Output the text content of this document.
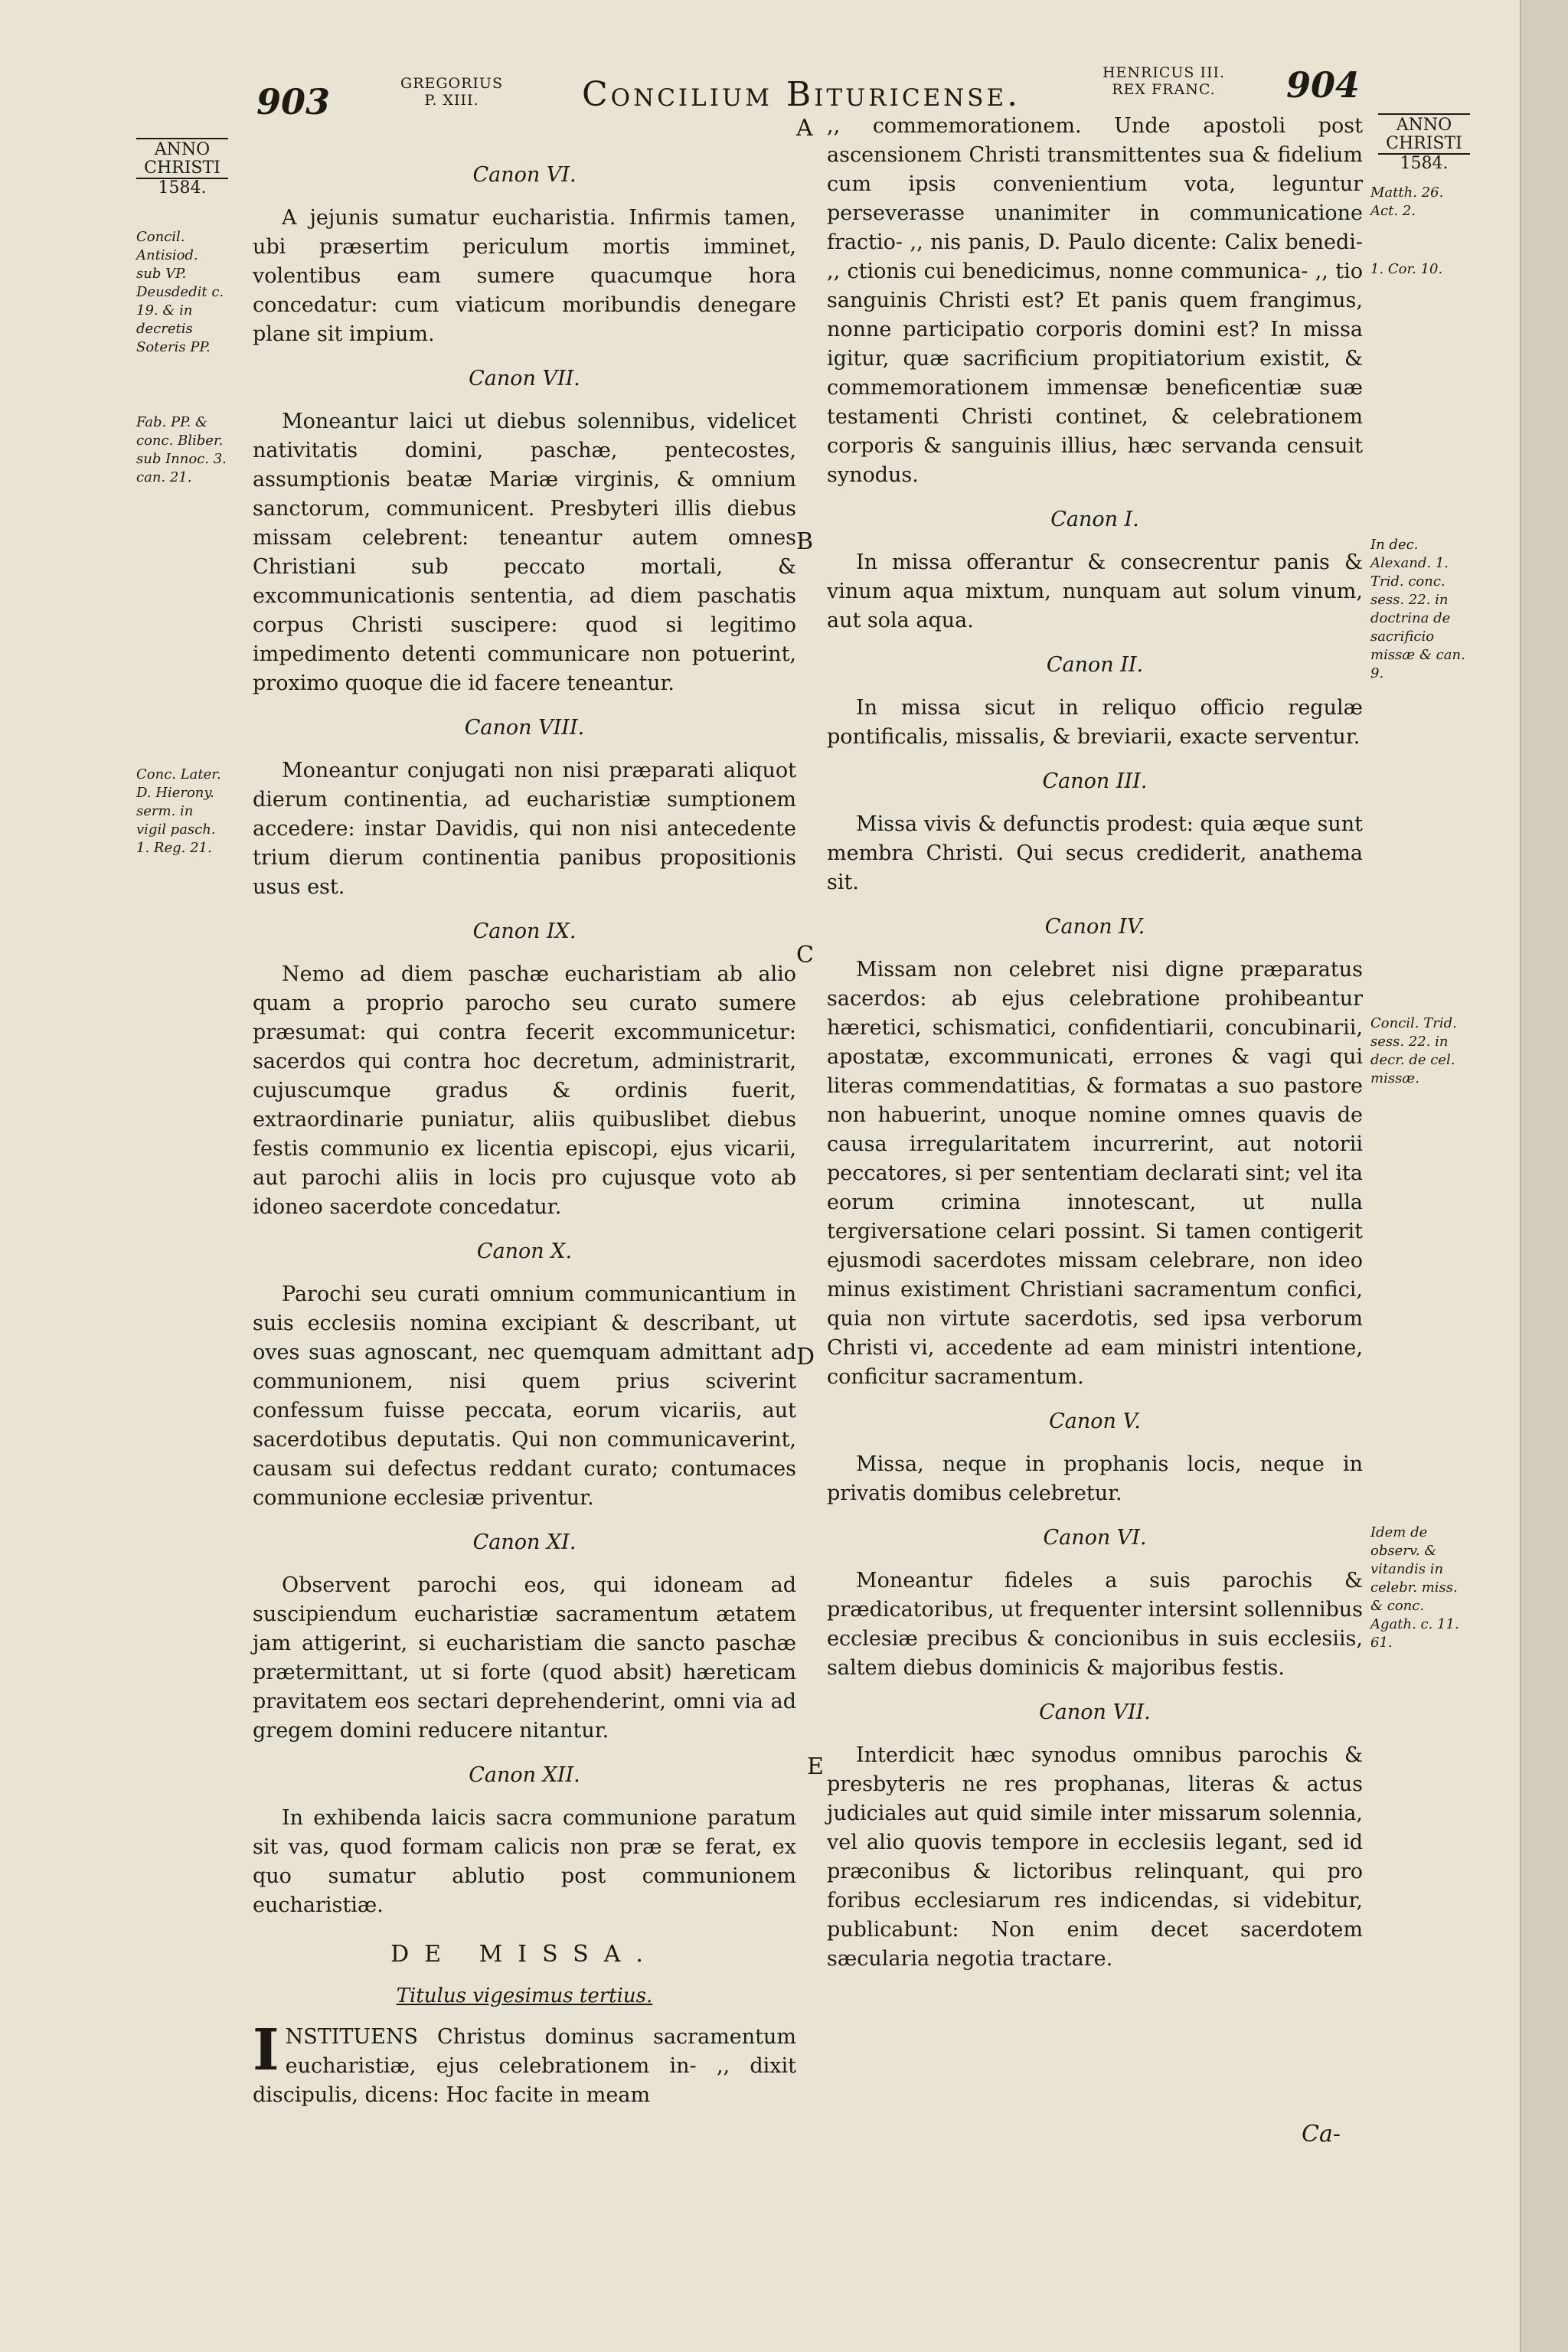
903	GREGORIUS
P. XIII.	Concilium Bituricense.
HENRICUS III.
REX FRANC.	904
ANNO
CHRISTI
1584.
ANNO
CHRISTI
1584.
A
B
C
D
E
Concil. Antisiod. sub VP. Deusdedit c. 19. & in decretis Soteris PP.
Fab. PP. & conc. Bliber. sub Innoc. 3. can. 21.
Conc. Later. D. Hierony. serm. in vigil pasch. 1. Reg. 21.
Matth. 26. Act. 2.
1. Cor. 10.
In dec. Alexand. 1. Trid. conc. sess. 22. in doctrina de sacrificio missæ & can. 9.
Concil. Trid. sess. 22. in decr. de cel. missæ.
Idem de observ. & vitandis in celebr. miss. & conc. Agath. c. 11. 61.
Canon VI.

A jejunis sumatur eucharistia. Infirmis tamen, ubi præsertim periculum mortis imminet, volentibus eam sumere quacumque hora concedatur: cum viaticum moribundis denegare plane sit impium.

Canon VII.

Moneantur laici ut diebus solennibus, videlicet nativitatis domini, paschæ, pentecostes, assumptionis beatæ Mariæ virginis, & omnium sanctorum, communicent. Presbyteri illis diebus missam celebrent: teneantur autem omnes Christiani sub peccato mortali, & excommunicationis sententia, ad diem paschatis corpus Christi suscipere: quod si legitimo impedimento detenti communicare non potuerint, proximo quoque die id facere teneantur.

Canon VIII.

Moneantur conjugati non nisi præparati aliquot dierum continentia, ad eucharistiæ sumptionem accedere: instar Davidis, qui non nisi antecedente trium dierum continentia panibus propositionis usus est.

Canon IX.

Nemo ad diem paschæ eucharistiam ab alio quam a proprio parocho seu curato sumere præsumat: qui contra fecerit excommunicetur: sacerdos qui contra hoc decretum, administrarit, cujuscumque gradus & ordinis fuerit, extraordinarie puniatur, aliis quibuslibet diebus festis communio ex licentia episcopi, ejus vicarii, aut parochi aliis in locis pro cujusque voto ab idoneo sacerdote concedatur.

Canon X.

Parochi seu curati omnium communicantium in suis ecclesiis nomina excipiant & describant, ut oves suas agnoscant, nec quemquam admittant ad communionem, nisi quem prius sciverint confessum fuisse peccata, eorum vicariis, aut sacerdotibus deputatis. Qui non communicaverint, causam sui defectus reddant curato; contumaces communione ecclesiæ priventur.

Canon XI.

Observent parochi eos, qui idoneam ad suscipiendum eucharistiæ sacramentum ætatem jam attigerint, si eucharistiam die sancto paschæ prætermittant, ut si forte (quod absit) hæreticam pravitatem eos sectari deprehenderint, omni via ad gregem domini reducere nitantur.

Canon XII.

In exhibenda laicis sacra communione paratum sit vas, quod formam calicis non præ se ferat, ex quo sumatur ablutio post communionem eucharistiæ.

DE MISSA.
Titulus vigesimus tertius.

INSTITUENS Christus dominus sacramentum eucharistiæ, ejus celebrationem in- ,, dixit discipulis, dicens: Hoc facite in meam

,, commemorationem. Unde apostoli post ascensionem Christi transmittentes sua & fidelium cum ipsis convenientium vota, leguntur perseverasse unanimiter in communicatione fractio- ,, nis panis, D. Paulo dicente: Calix benedi- ,, ctionis cui benedicimus, nonne communica- ,, tio sanguinis Christi est? Et panis quem frangimus, nonne participatio corporis domini est? In missa igitur, quæ sacrificium propitiatorium existit, & commemorationem immensæ beneficentiæ suæ testamenti Christi continet, & celebrationem corporis & sanguinis illius, hæc servanda censuit synodus.

Canon I.

In missa offerantur & consecrentur panis & vinum aqua mixtum, nunquam aut solum vinum, aut sola aqua.

Canon II.

In missa sicut in reliquo officio regulæ pontificalis, missalis, & breviarii, exacte serventur.

Canon III.

Missa vivis & defunctis prodest: quia æque sunt membra Christi. Qui secus crediderit, anathema sit.

Canon IV.

Missam non celebret nisi digne præparatus sacerdos: ab ejus celebratione prohibeantur hæretici, schismatici, confidentiarii, concubinarii, apostatæ, excommunicati, errones & vagi qui literas commendatitias, & formatas a suo pastore non habuerint, unoque nomine omnes quavis de causa irregularitatem incurrerint, aut notorii peccatores, si per sententiam declarati sint; vel ita eorum crimina innotescant, ut nulla tergiversatione celari possint. Si tamen contigerit ejusmodi sacerdotes missam celebrare, non ideo minus existiment Christiani sacramentum confici, quia non virtute sacerdotis, sed ipsa verborum Christi vi, accedente ad eam ministri intentione, conficitur sacramentum.

Canon V.

Missa, neque in prophanis locis, neque in privatis domibus celebretur.

Canon VI.

Moneantur fideles a suis parochis & prædicatoribus, ut frequenter intersint sollennibus ecclesiæ precibus & concionibus in suis ecclesiis, saltem diebus dominicis & majoribus festis.

Canon VII.

Interdicit hæc synodus omnibus parochis & presbyteris ne res prophanas, literas & actus judiciales aut quid simile inter missarum solennia, vel alio quovis tempore in ecclesiis legant, sed id præconibus & lictoribus relinquant, qui pro foribus ecclesiarum res indicendas, si videbitur, publicabunt: Non enim decet sacerdotem sæcularia negotia tractare.

Ca-
